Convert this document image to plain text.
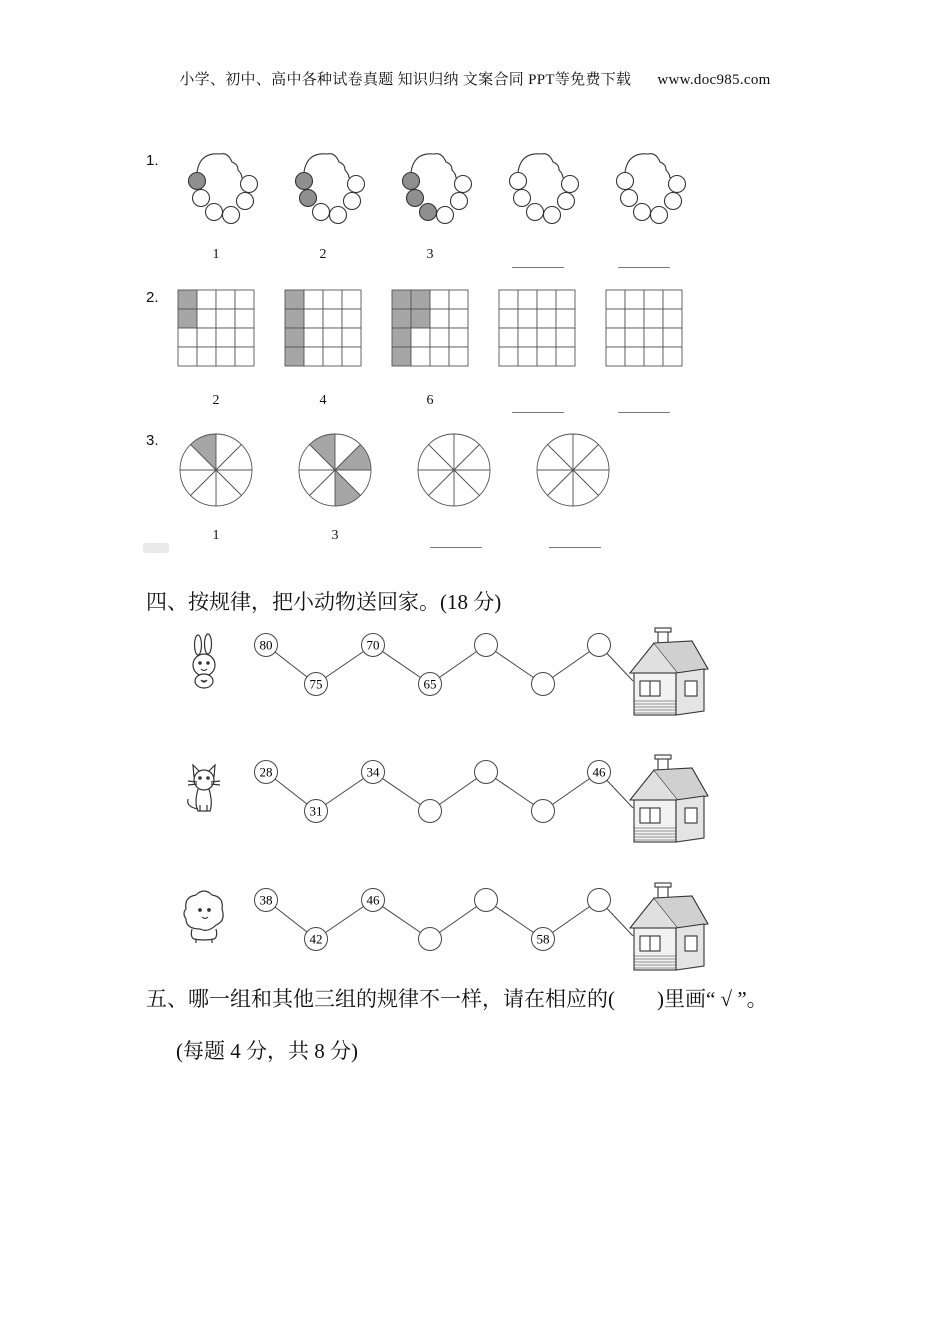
小学、初中、高中各种试卷真题 知识归纳 文案合同 PPT等免费下载 www.doc985.com
1.
1	2	3
2.
2	4	6
3.
1	3
四、按规律，把小动物送回家。(18 分)
80
75
70
65
28
31
34	46
38
42
46
58
五、哪一组和其他三组的规律不一样，请在相应的(　　)里画“ √ ”。
(每题 4 分，共 8 分)
